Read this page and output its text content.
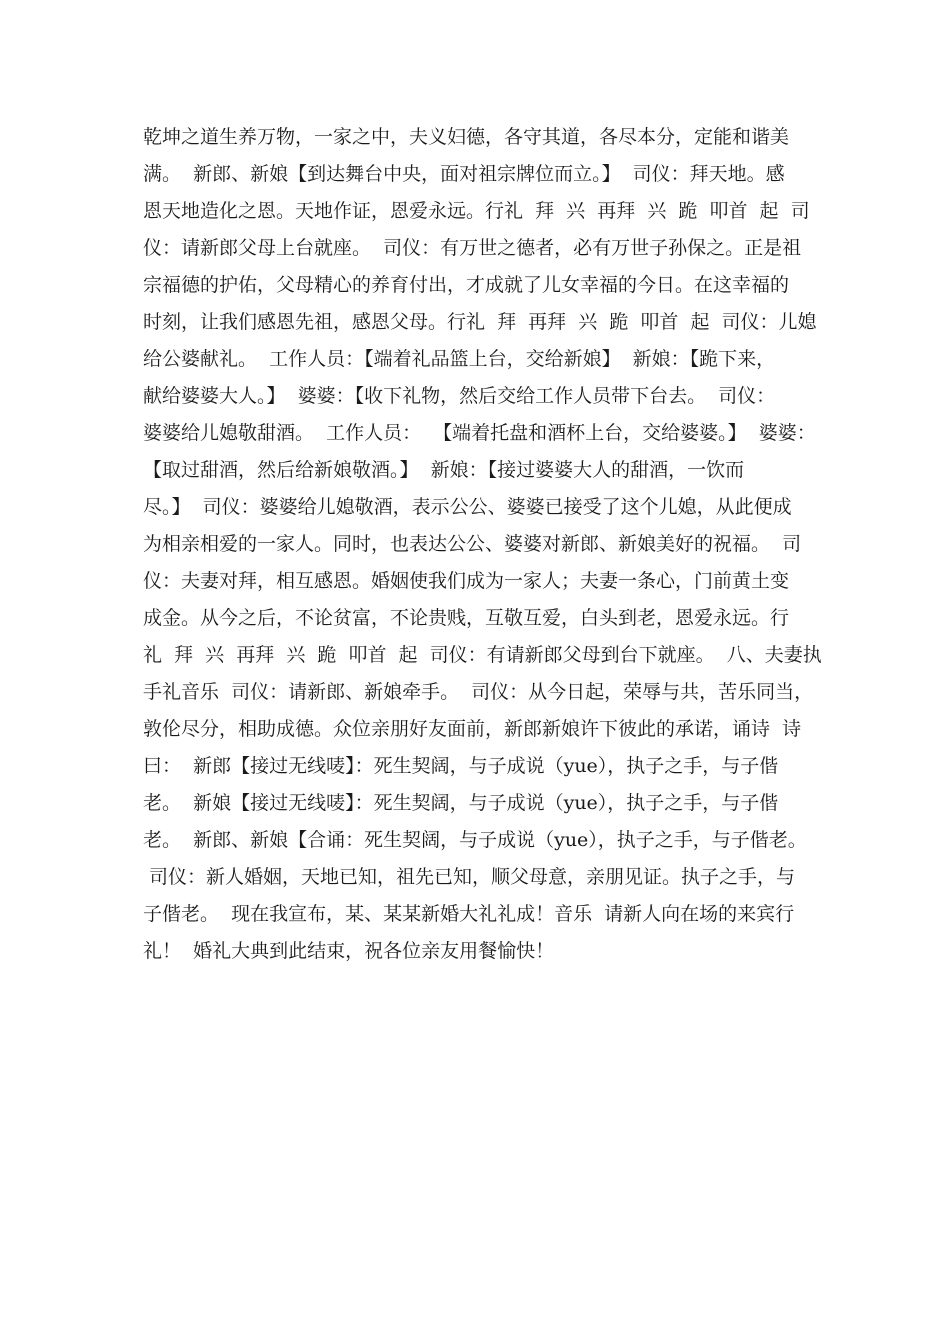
乾坤之道生养万物，一家之中，夫义妇德，各守其道，各尽本分，定能和谐美
满。  新郎、新娘【到达舞台中央，面对祖宗牌位而立。】  司仪：拜天地。感
恩天地造化之恩。天地作证，恩爱永远。行礼  拜  兴  再拜  兴  跪  叩首  起  司
仪：请新郎父母上台就座。  司仪：有万世之德者，必有万世子孙保之。正是祖
宗福德的护佑，父母精心的养育付出，才成就了儿女幸福的今日。在这幸福的
时刻，让我们感恩先祖，感恩父母。行礼  拜  再拜  兴  跪  叩首  起  司仪：儿媳
给公婆献礼。  工作人员：【端着礼品篮上台，交给新娘】  新娘：【跪下来，
献给婆婆大人。】  婆婆：【收下礼物，然后交给工作人员带下台去。  司仪：
婆婆给儿媳敬甜酒。  工作人员：  【端着托盘和酒杯上台，交给婆婆。】  婆婆：
【取过甜酒，然后给新娘敬酒。】  新娘：【接过婆婆大人的甜酒，一饮而
尽。】  司仪：婆婆给儿媳敬酒，表示公公、婆婆已接受了这个儿媳，从此便成
为相亲相爱的一家人。同时，也表达公公、婆婆对新郎、新娘美好的祝福。  司
仪：夫妻对拜，相互感恩。婚姻使我们成为一家人；夫妻一条心，门前黄土变
成金。从今之后，不论贫富，不论贵贱，互敬互爱，白头到老，恩爱永远。行
礼  拜  兴  再拜  兴  跪  叩首  起  司仪：有请新郎父母到台下就座。  八、夫妻执
手礼音乐  司仪：请新郎、新娘牵手。  司仪：从今日起，荣辱与共，苦乐同当，
敦伦尽分，相助成德。众位亲朋好友面前，新郎新娘许下彼此的承诺，诵诗  诗
曰：  新郎【接过无线唛】：死生契阔，与子成说（yue），执子之手，与子偕
老。  新娘【接过无线唛】：死生契阔，与子成说（yue），执子之手，与子偕
老。  新郎、新娘【合诵：死生契阔，与子成说（yue），执子之手，与子偕老。
司仪：新人婚姻，天地已知，祖先已知，顺父母意，亲朋见证。执子之手，与
子偕老。  现在我宣布，某、某某新婚大礼礼成！音乐  请新人向在场的来宾行
礼！  婚礼大典到此结束，祝各位亲友用餐愉快！
